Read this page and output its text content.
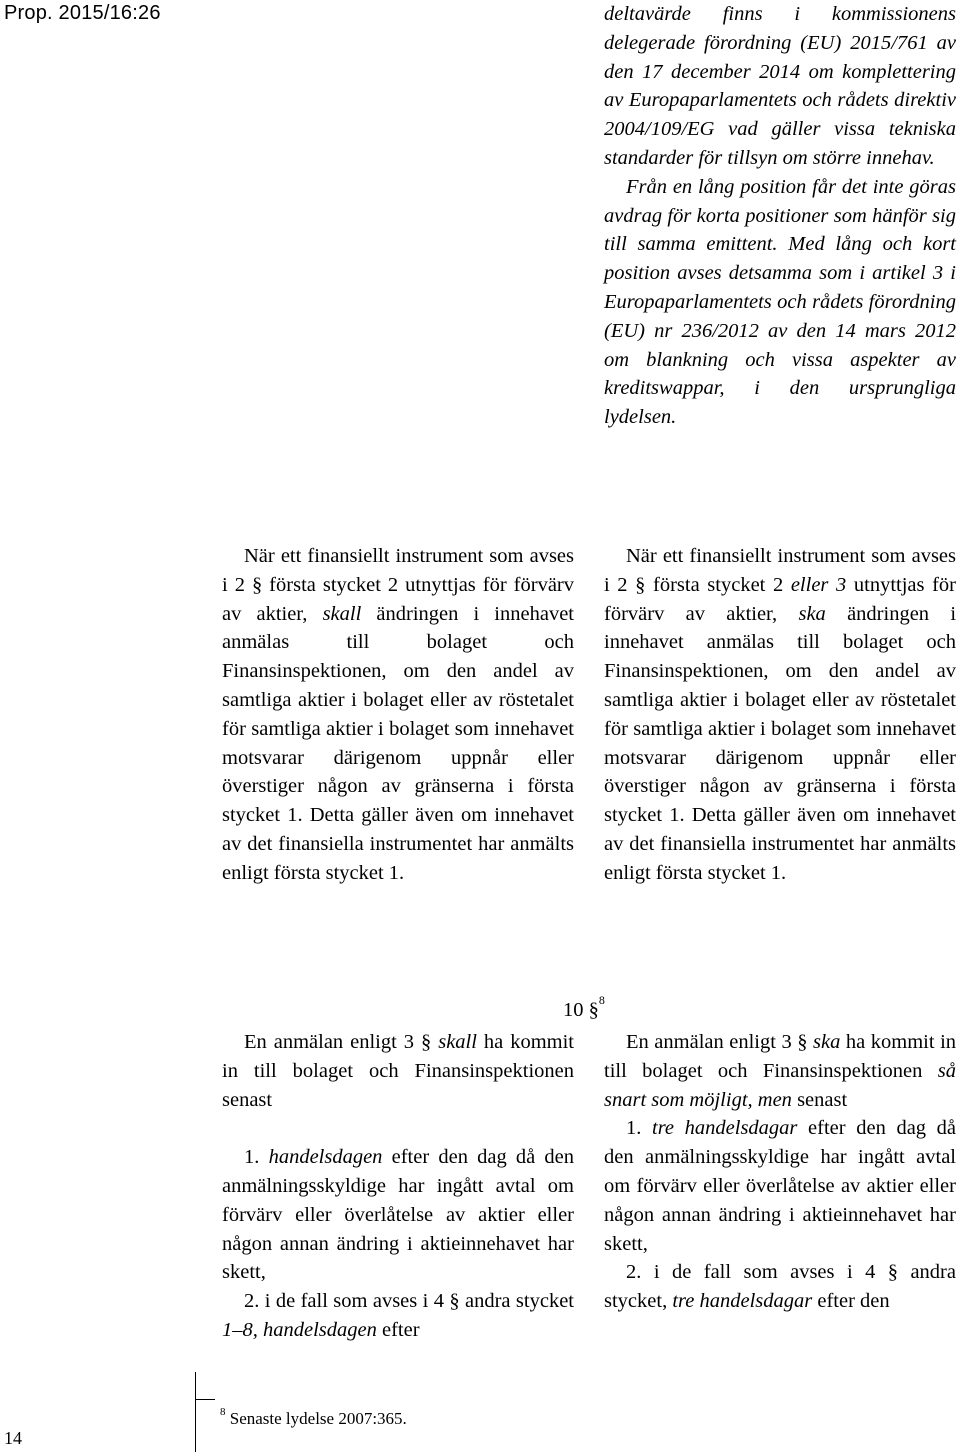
Prop. 2015/16:26	deltavärde finns i kommissionens delegerade förordning (EU) 2015/761 av den 17 december 2014 om komplettering av Europaparlamentets och rådets direktiv 2004/109/EG vad gäller vissa tekniska standarder för tillsyn om större innehav.

Från en lång position får det inte göras avdrag för korta positioner som hänför sig till samma emittent. Med lång och kort position avses detsamma som i artikel 3 i Europaparlamentets och rådets förordning (EU) nr 236/2012 av den 14 mars 2012 om blankning och vissa aspekter av kreditswappar, i den ursprungliga lydelsen.

När ett finansiellt instrument som avses i 2 § första stycket 2 utnyttjas för förvärv av aktier, skall ändringen i innehavet anmälas till bolaget och Finansinspektionen, om den andel av samtliga aktier i bolaget eller av röstetalet för samtliga aktier i bolaget som innehavet motsvarar därigenom uppnår eller överstiger någon av gränserna i första stycket 1. Detta gäller även om innehavet av det finansiella instrumentet har anmälts enligt första stycket 1.

När ett finansiellt instrument som avses i 2 § första stycket 2 eller 3 utnyttjas för förvärv av aktier, ska ändringen i innehavet anmälas till bolaget och Finansinspektionen, om den andel av samtliga aktier i bolaget eller av röstetalet för samtliga aktier i bolaget som innehavet motsvarar därigenom uppnår eller överstiger någon av gränserna i första stycket 1. Detta gäller även om innehavet av det finansiella instrumentet har anmälts enligt första stycket 1.

10 §$^8$

En anmälan enligt 3 § skall ha kommit in till bolaget och Finansinspektionen senast

1. handelsdagen efter den dag då den anmälningsskyldige har ingått avtal om förvärv eller överlåtelse av aktier eller någon annan ändring i aktieinnehavet har skett,

2. i de fall som avses i 4 § andra stycket 1–8, handelsdagen efter

En anmälan enligt 3 § ska ha kommit in till bolaget och Finansinspektionen så snart som möjligt, men senast

1. tre handelsdagar efter den dag då den anmälningsskyldige har ingått avtal om förvärv eller överlåtelse av aktier eller någon annan ändring i aktieinnehavet har skett,

2. i de fall som avses i 4 § andra stycket, tre handelsdagar efter den

$^8$ Senaste lydelse 2007:365.
14
